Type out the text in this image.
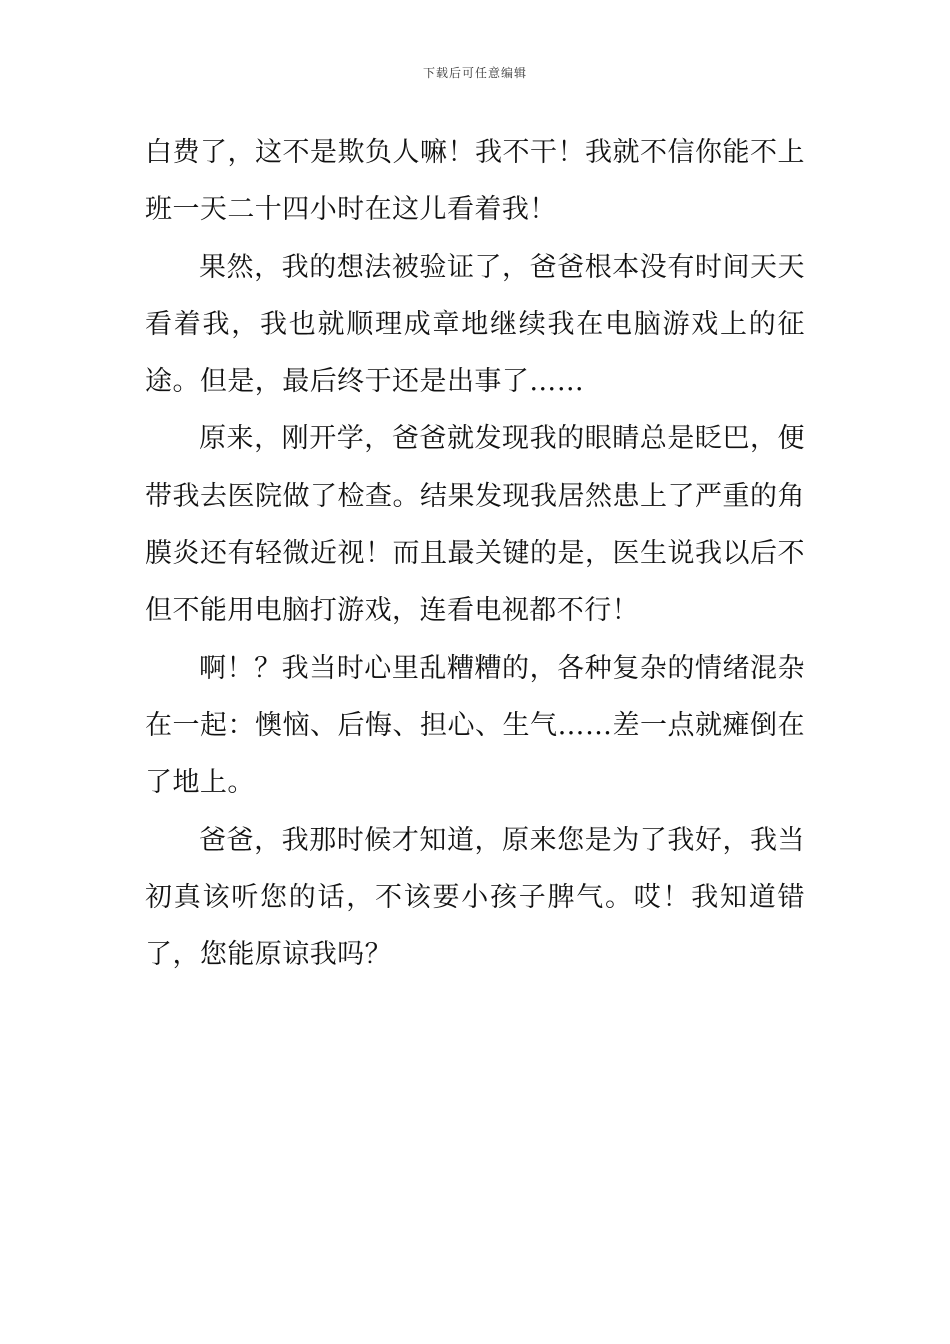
下载后可任意编辑

白费了，这不是欺负人嘛！我不干！我就不信你能不上班一天二十四小时在这儿看着我！

果然，我的想法被验证了，爸爸根本没有时间天天看着我，我也就顺理成章地继续我在电脑游戏上的征途。但是，最后终于还是出事了……

原来，刚开学，爸爸就发现我的眼睛总是眨巴，便带我去医院做了检查。结果发现我居然患上了严重的角膜炎还有轻微近视！而且最关键的是，医生说我以后不但不能用电脑打游戏，连看电视都不行！

啊！？我当时心里乱糟糟的，各种复杂的情绪混杂在一起：懊恼、后悔、担心、生气……差一点就瘫倒在了地上。

爸爸，我那时候才知道，原来您是为了我好，我当初真该听您的话，不该要小孩子脾气。哎！我知道错了，您能原谅我吗？
